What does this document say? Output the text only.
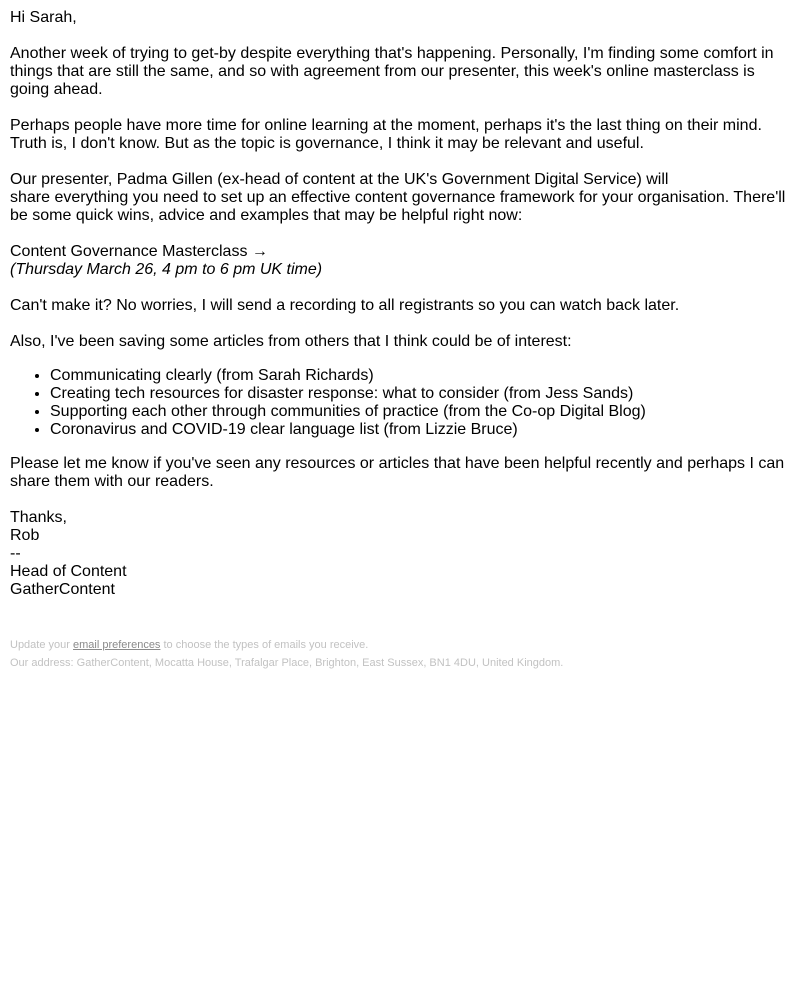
Hi Sarah,

Another week of trying to get-by despite everything that's happening. Personally, I'm finding some comfort in things that are still the same, and so with agreement from our presenter, this week's online masterclass is going ahead.

Perhaps people have more time for online learning at the moment, perhaps it's the last thing on their mind. Truth is, I don't know. But as the topic is governance, I think it may be relevant and useful.

Our presenter, Padma Gillen (ex-head of content at the UK's Government Digital Service) will
share everything you need to set up an effective content governance framework for your organisation. There'll be some quick wins, advice and examples that may be helpful right now:

Content Governance Masterclass →
(Thursday March 26, 4 pm to 6 pm UK time)

Can't make it? No worries, I will send a recording to all registrants so you can watch back later.

Also, I've been saving some articles from others that I think could be of interest:

• Communicating clearly (from Sarah Richards)
• Creating tech resources for disaster response: what to consider (from Jess Sands)
• Supporting each other through communities of practice (from the Co-op Digital Blog)
• Coronavirus and COVID-19 clear language list (from Lizzie Bruce)

Please let me know if you've seen any resources or articles that have been helpful recently and perhaps I can share them with our readers.

Thanks,
Rob
--
Head of Content
GatherContent

Update your email preferences to choose the types of emails you receive.

Our address: GatherContent, Mocatta House, Trafalgar Place, Brighton, East Sussex, BN1 4DU, United Kingdom.
